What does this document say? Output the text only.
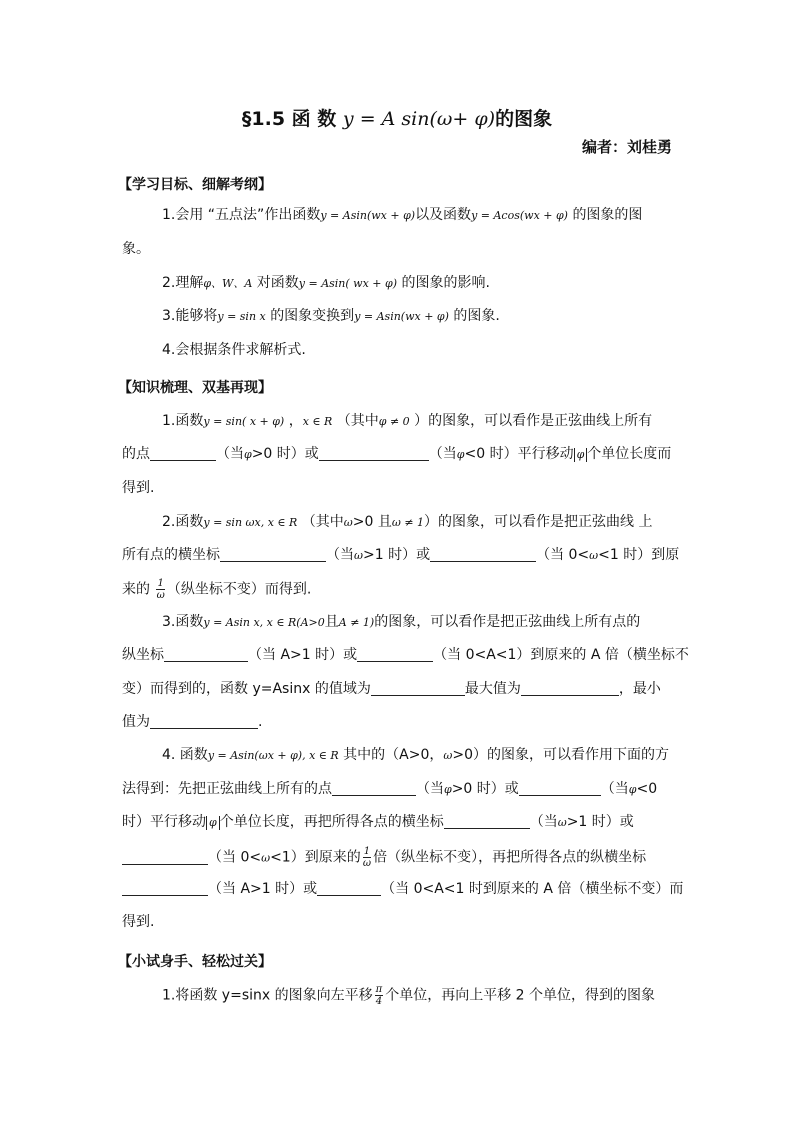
§1.5 函 数 y = A sin(ω+ φ)的图象
编者：刘桂勇
【学习目标、细解考纲】
1.会用 “五点法”作出函数y = Asin(wx + φ)以及函数y = Acos(wx + φ) 的图象的图
象。
2.理解φ、W、A 对函数y = Asin( wx + φ) 的图象的影响.
3.能够将y = sin x 的图象变换到y = Asin(wx + φ) 的图象.
4.会根据条件求解析式.
【知识梳理、双基再现】
1.函数y = sin( x + φ) ，x ∈ R （其中φ ≠ 0 ）的图象，可以看作是正弦曲线上所有
的点	（当φ>0 时）或	（当φ<0 时）平行移动 φ 个单位长度而
得到.
2.函数y = sin ωx, x ∈ R （其中ω>0 且ω ≠ 1）的图象，可以看作是把正弦曲线 上
所有点的横坐标	（当ω>1 时）或	（当 0<ω<1 时）到原
来的 $\frac{1}{\omega}$ （纵坐标不变）而得到.
3.函数y = Asin x, x ∈ R(A>0且A ≠ 1)的图象，可以看作是把正弦曲线上所有点的
纵坐标	（当 A>1 时）或	（当 0<A<1）到原来的 A 倍（横坐标不
变）而得到的，函数 y=Asinx 的值域为	最大值为	，最小
值为	.
4. 函数y = Asin(ωx + φ), x ∈ R 其中的（A>0，ω>0）的图象，可以看作用下面的方
法得到：先把正弦曲线上所有的点	（当φ>0 时）或	（当φ<0
时）平行移动 φ 个单位长度，再把所得各点的横坐标	（当ω>1 时）或
（当 0<ω<1）到原来的 $\frac{1}{\omega}$ 倍（纵坐标不变），再把所得各点的纵横坐标
（当 A>1 时）或	（当 0<A<1 时到原来的 A 倍（横坐标不变）而
得到.
【小试身手、轻松过关】
1.将函数 y=sinx 的图象向左平移 $\frac{\pi}{4}$ 个单位，再向上平移 2 个单位，得到的图象
